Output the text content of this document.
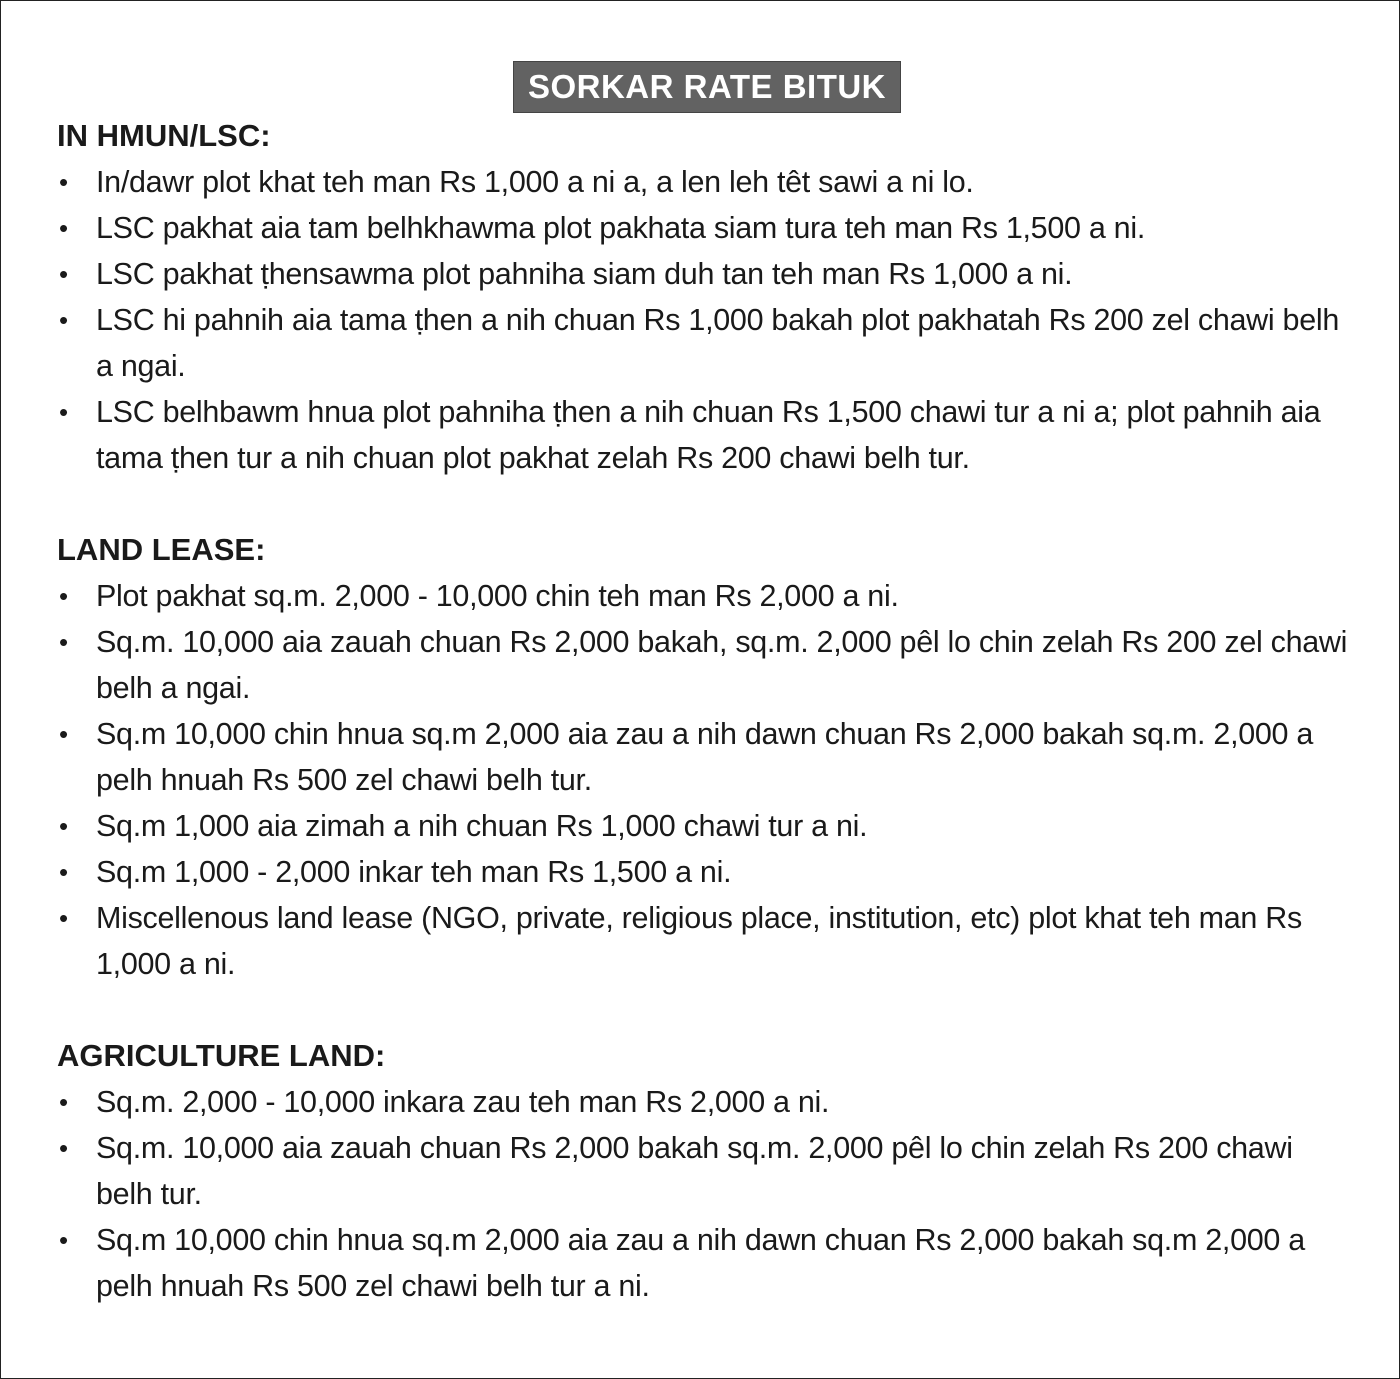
SORKAR RATE BITUK
IN HMUN/LSC:
• In/dawr plot khat teh man Rs 1,000 a ni a, a len leh têt sawi a ni lo.
• LSC pakhat aia tam belhkhawma plot pakhata siam tura teh man Rs 1,500 a ni.
• LSC pakhat ṭhensawma plot pahniha siam duh tan teh man Rs 1,000 a ni.
• LSC hi pahnih aia tama ṭhen a nih chuan Rs 1,000 bakah plot pakhatah Rs 200 zel chawi belh a ngai.
• LSC belhbawm hnua plot pahniha ṭhen a nih chuan Rs 1,500 chawi tur a ni a; plot pahnih aia tama ṭhen tur a nih chuan plot pakhat zelah Rs 200 chawi belh tur.
LAND LEASE:
• Plot pakhat sq.m. 2,000 - 10,000 chin teh man Rs 2,000 a ni.
• Sq.m. 10,000 aia zauah chuan Rs 2,000 bakah, sq.m. 2,000 pêl lo chin zelah Rs 200 zel chawi belh a ngai.
• Sq.m 10,000 chin hnua sq.m 2,000 aia zau a nih dawn chuan Rs 2,000 bakah sq.m. 2,000 a pelh hnuah Rs 500 zel chawi belh tur.
• Sq.m 1,000 aia zimah a nih chuan Rs 1,000 chawi tur a ni.
• Sq.m 1,000 - 2,000 inkar teh man Rs 1,500 a ni.
• Miscellenous land lease (NGO, private, religious place, institution, etc) plot khat teh man Rs 1,000 a ni.
AGRICULTURE LAND:
• Sq.m. 2,000 - 10,000 inkara zau teh man Rs 2,000 a ni.
• Sq.m. 10,000 aia zauah chuan Rs 2,000 bakah sq.m. 2,000 pêl lo chin zelah Rs 200 chawi belh tur.
• Sq.m 10,000 chin hnua sq.m 2,000 aia zau a nih dawn chuan Rs 2,000 bakah sq.m 2,000 a pelh hnuah Rs 500 zel chawi belh tur a ni.
